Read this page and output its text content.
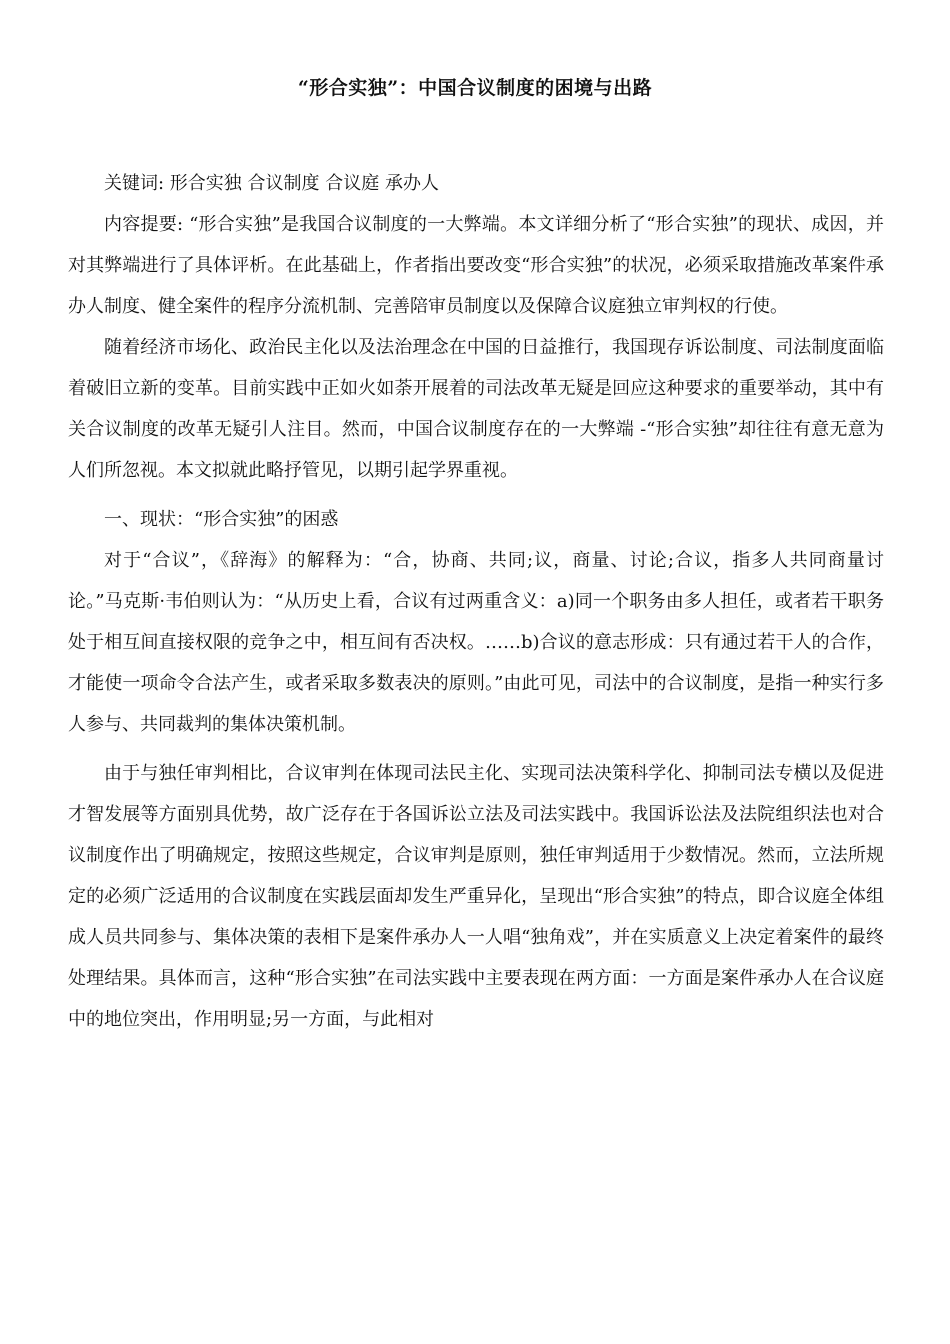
“形合实独”：中国合议制度的困境与出路

关键词: 形合实独 合议制度 合议庭 承办人

内容提要: “形合实独”是我国合议制度的一大弊端。本文详细分析了“形合实独”的现状、成因，并对其弊端进行了具体评析。在此基础上，作者指出要改变“形合实独”的状况，必须采取措施改革案件承办人制度、健全案件的程序分流机制、完善陪审员制度以及保障合议庭独立审判权的行使。

随着经济市场化、政治民主化以及法治理念在中国的日益推行，我国现存诉讼制度、司法制度面临着破旧立新的变革。目前实践中正如火如荼开展着的司法改革无疑是回应这种要求的重要举动，其中有关合议制度的改革无疑引人注目。然而，中国合议制度存在的一大弊端 -“形合实独”却往往有意无意为人们所忽视。本文拟就此略抒管见，以期引起学界重视。

一、现状：“形合实独”的困惑

对于“合议”，《辞海》的解释为：“合，协商、共同;议，商量、讨论;合议，指多人共同商量讨论。”马克斯·韦伯则认为：“从历史上看，合议有过两重含义：a)同一个职务由多人担任，或者若干职务处于相互间直接权限的竞争之中，相互间有否决权。……b)合议的意志形成：只有通过若干人的合作，才能使一项命令合法产生，或者采取多数表决的原则。”由此可见，司法中的合议制度，是指一种实行多人参与、共同裁判的集体决策机制。

由于与独任审判相比，合议审判在体现司法民主化、实现司法决策科学化、抑制司法专横以及促进才智发展等方面别具优势，故广泛存在于各国诉讼立法及司法实践中。我国诉讼法及法院组织法也对合议制度作出了明确规定，按照这些规定，合议审判是原则，独任审判适用于少数情况。然而，立法所规定的必须广泛适用的合议制度在实践层面却发生严重异化，呈现出“形合实独”的特点，即合议庭全体组成人员共同参与、集体决策的表相下是案件承办人一人唱“独角戏”，并在实质意义上决定着案件的最终处理结果。具体而言，这种“形合实独”在司法实践中主要表现在两方面：一方面是案件承办人在合议庭中的地位突出，作用明显;另一方面，与此相对
